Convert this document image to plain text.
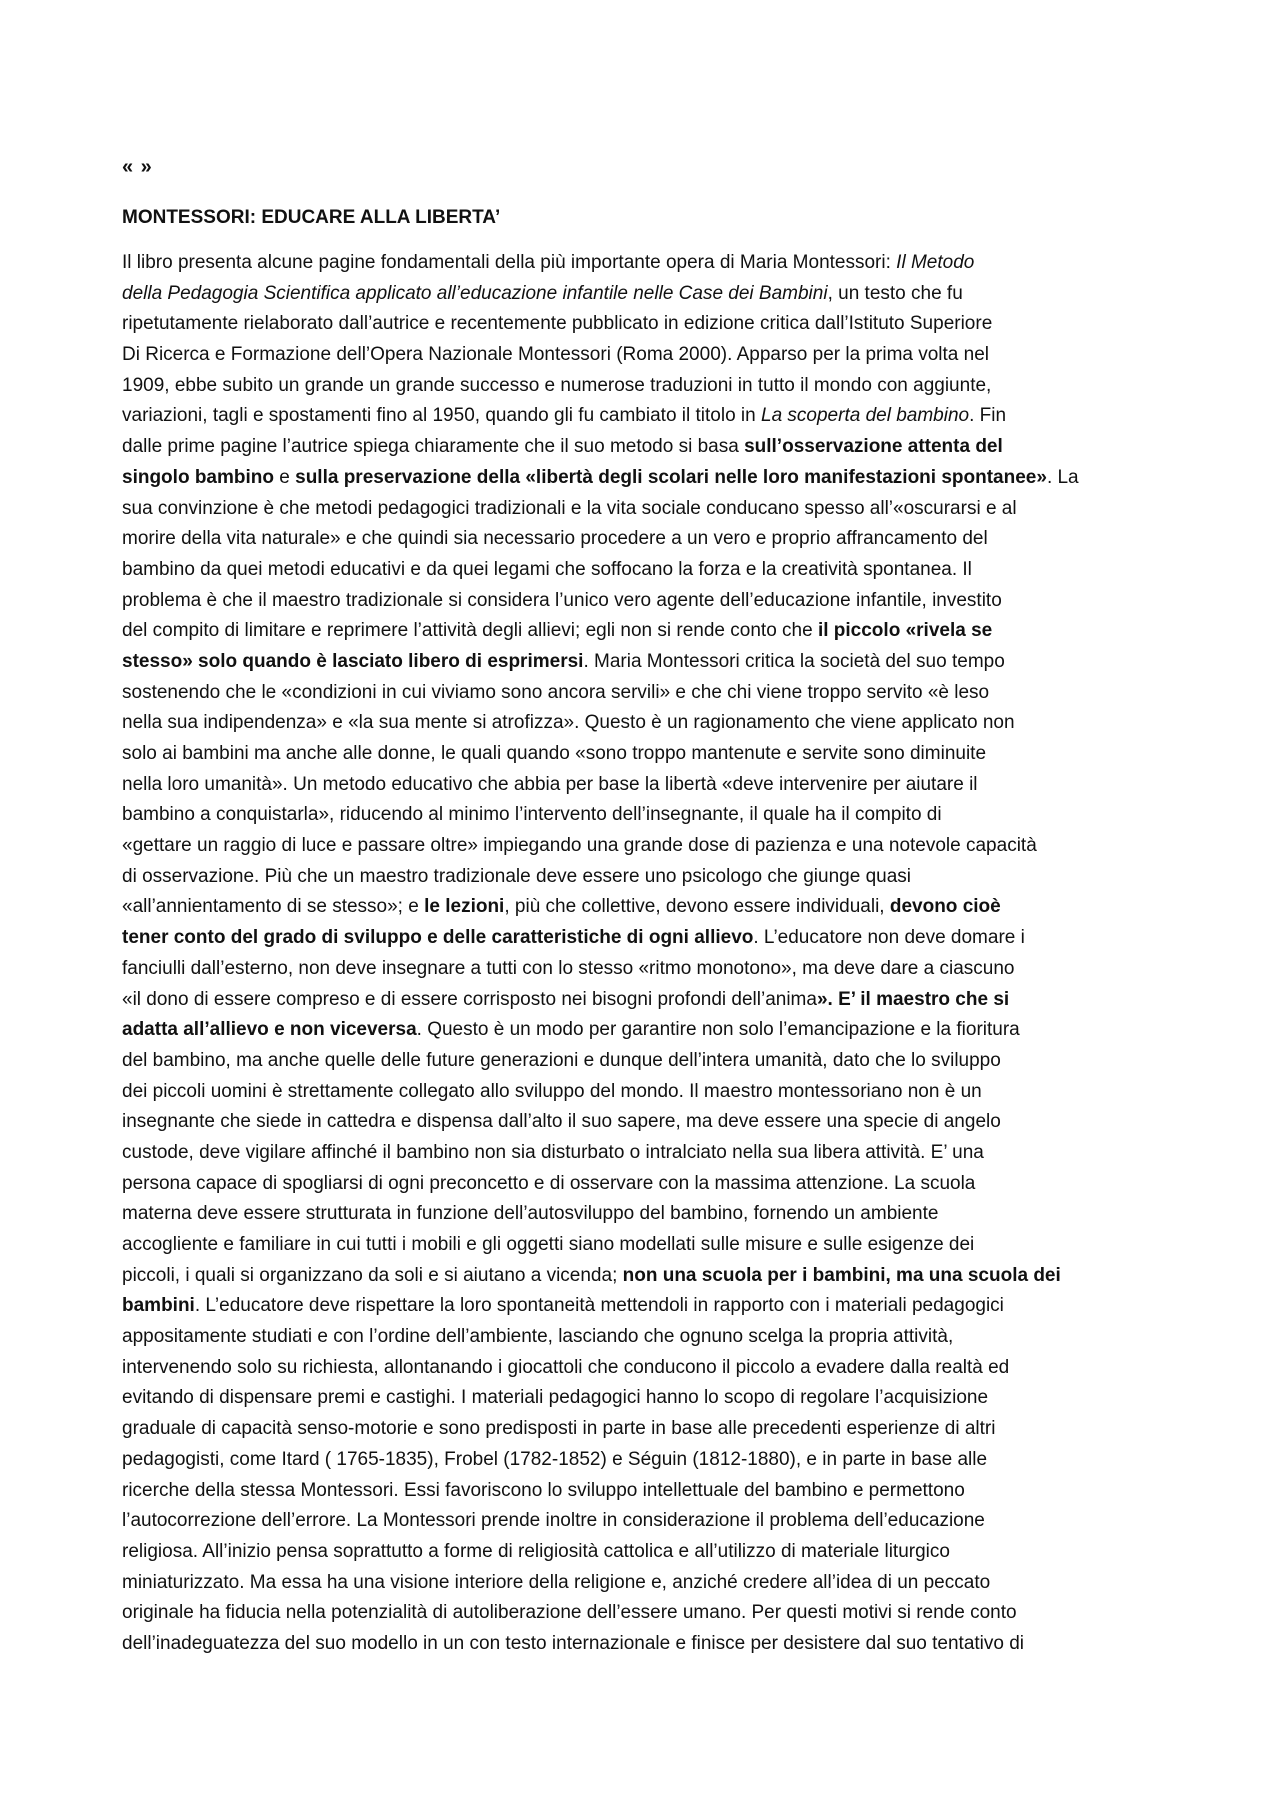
« »
MONTESSORI: EDUCARE ALLA LIBERTA’
Il libro presenta alcune pagine fondamentali della più importante opera di Maria Montessori: Il Metodo
della Pedagogia Scientifica applicato all’educazione infantile nelle Case dei Bambini, un testo che fu
ripetutamente rielaborato dall’autrice e recentemente pubblicato in edizione critica dall’Istituto Superiore
Di Ricerca e Formazione dell’Opera Nazionale Montessori (Roma 2000). Apparso per la prima volta nel
1909, ebbe subito un grande un grande successo e numerose traduzioni in tutto il mondo con aggiunte,
variazioni, tagli e spostamenti fino al 1950, quando gli fu cambiato il titolo in La scoperta del bambino. Fin
dalle prime pagine l’autrice spiega chiaramente che il suo metodo si basa sull’osservazione attenta del
singolo bambino e sulla preservazione della «libertà degli scolari nelle loro manifestazioni spontanee». La
sua convinzione è che metodi pedagogici tradizionali e la vita sociale conducano spesso all’«oscurarsi e al
morire della vita naturale» e che quindi sia necessario procedere a un vero e proprio affrancamento del
bambino da quei metodi educativi e da quei legami che soffocano la forza e la creatività spontanea. Il
problema è che il maestro tradizionale si considera l’unico vero agente dell’educazione infantile, investito
del compito di limitare e reprimere l’attività degli allievi; egli non si rende conto che il piccolo «rivela se
stesso» solo quando è lasciato libero di esprimersi. Maria Montessori critica la società del suo tempo
sostenendo che le «condizioni in cui viviamo sono ancora servili» e che chi viene troppo servito «è leso
nella sua indipendenza» e «la sua mente si atrofizza». Questo è un ragionamento che viene applicato non
solo ai bambini ma anche alle donne, le quali quando «sono troppo mantenute e servite sono diminuite
nella loro umanità». Un metodo educativo che abbia per base la libertà «deve intervenire per aiutare il
bambino a conquistarla», riducendo al minimo l’intervento dell’insegnante, il quale ha il compito di
«gettare un raggio di luce e passare oltre» impiegando una grande dose di pazienza e una notevole capacità
di osservazione. Più che un maestro tradizionale deve essere uno psicologo che giunge quasi
«all’annientamento di se stesso»; e le lezioni, più che collettive, devono essere individuali, devono cioè
tener conto del grado di sviluppo e delle caratteristiche di ogni allievo. L’educatore non deve domare i
fanciulli dall’esterno, non deve insegnare a tutti con lo stesso «ritmo monotono», ma deve dare a ciascuno
«il dono di essere compreso e di essere corrisposto nei bisogni profondi dell’anima». E’ il maestro che si
adatta all’allievo e non viceversa. Questo è un modo per garantire non solo l’emancipazione e la fioritura
del bambino, ma anche quelle delle future generazioni e dunque dell’intera umanità, dato che lo sviluppo
dei piccoli uomini è strettamente collegato allo sviluppo del mondo. Il maestro montessoriano non è un
insegnante che siede in cattedra e dispensa dall’alto il suo sapere, ma deve essere una specie di angelo
custode, deve vigilare affinché il bambino non sia disturbato o intralciato nella sua libera attività. E’ una
persona capace di spogliarsi di ogni preconcetto e di osservare con la massima attenzione. La scuola
materna deve essere strutturata in funzione dell’autosviluppo del bambino, fornendo un ambiente
accogliente e familiare in cui tutti i mobili e gli oggetti siano modellati sulle misure e sulle esigenze dei
piccoli, i quali si organizzano da soli e si aiutano a vicenda; non una scuola per i bambini, ma una scuola dei
bambini. L’educatore deve rispettare la loro spontaneità mettendoli in rapporto con i materiali pedagogici
appositamente studiati e con l’ordine dell’ambiente, lasciando che ognuno scelga la propria attività,
intervenendo solo su richiesta, allontanando i giocattoli che conducono il piccolo a evadere dalla realtà ed
evitando di dispensare premi e castighi. I materiali pedagogici hanno lo scopo di regolare l’acquisizione
graduale di capacità senso-motorie e sono predisposti in parte in base alle precedenti esperienze di altri
pedagogisti, come Itard ( 1765-1835), Frobel (1782-1852) e Séguin (1812-1880), e in parte in base alle
ricerche della stessa Montessori. Essi favoriscono lo sviluppo intellettuale del bambino e permettono
l’autocorrezione dell’errore. La Montessori prende inoltre in considerazione il problema dell’educazione
religiosa. All’inizio pensa soprattutto a forme di religiosità cattolica e all’utilizzo di materiale liturgico
miniaturizzato. Ma essa ha una visione interiore della religione e, anziché credere all’idea di un peccato
originale ha fiducia nella potenzialità di autoliberazione dell’essere umano. Per questi motivi si rende conto
dell’inadeguatezza del suo modello in un con testo internazionale e finisce per desistere dal suo tentativo di
